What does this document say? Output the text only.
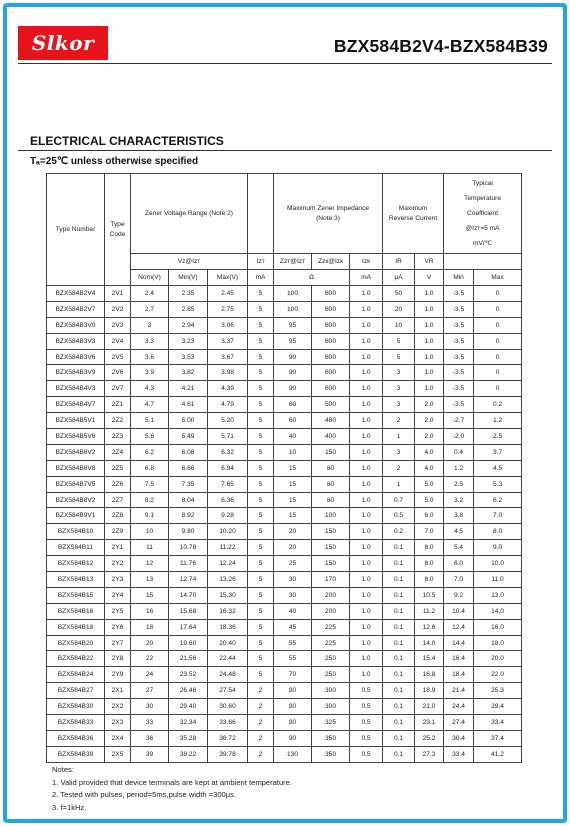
Slkor	BZX584B2V4-BZX584B39
ELECTRICAL CHARACTERISTICS
Tₐ=25℃ unless otherwise specified
Type Number	Type Code	Zener Voltage Range (Note 2)				Maximum Zener Impedance (Note 3)			Maximum Reverse Current		Typical
Temperature
Coefficient
@Izт=5 mA
mV/℃	

		Vz@Izт			Izт	Zzт@Izт	Zzк@Izк	Izк	IR	VR		
		Nom(V)	Min(V)	Max(V)	mA	Ω		mA	μA	V	Min	Max
BZX584B2V4	2V1	2.4	2.35	2.45	5	100	600	1.0	50	1.0	-3.5	0
BZX584B2V7	2V2	2.7	2.65	2.75	5	100	600	1.0	20	1.0	-3.5	0
BZX584B3V0	2V3	3	2.94	3.06	5	95	600	1.0	10	1.0	-3.5	0
BZX584B3V3	2V4	3.3	3.23	3.37	5	95	600	1.0	5	1.0	-3.5	0
BZX584B3V6	2V5	3.6	3.53	3.67	5	90	600	1.0	5	1.0	-3.5	0
BZX584B3V9	2V6	3.9	3.82	3.98	5	90	600	1.0	3	1.0	-3.5	0
BZX584B4V3	2V7	4.3	4.21	4.39	5	90	600	1.0	3	1.0	-3.5	0
BZX584B4V7	2Z1	4.7	4.61	4.79	5	80	500	1.0	3	2.0	-3.5	0.2
BZX584B5V1	2Z2	5.1	5.00	5.20	5	60	480	1.0	2	2.0	-2.7	1.2
BZX584B5V6	2Z3	5.6	5.49	5.71	5	40	400	1.0	1	2.0	-2.0	2.5
BZX584B6V2	2Z4	6.2	6.08	6.32	5	10	150	1.0	3	4.0	0.4	3.7
BZX584B6V8	2Z5	6.8	6.66	6.94	5	15	80	1.0	2	4.0	1.2	4.5
BZX584B7V5	2Z6	7.5	7.35	7.65	5	15	80	1.0	1	5.0	2.5	5.3
BZX584B8V2	2Z7	8.2	8.04	8.36	5	15	80	1.0	0.7	5.0	3.2	6.2
BZX584B9V1	2Z8	9.1	8.92	9.28	5	15	100	1.0	0.5	6.0	3.8	7.0
BZX584B10	2Z9	10	9.80	10.20	5	20	150	1.0	0.2	7.0	4.5	8.0
BZX584B11	2Y1	11	10.78	11.22	5	20	150	1.0	0.1	8.0	5.4	9.0
BZX584B12	2Y2	12	11.76	12.24	5	25	150	1.0	0.1	8.0	6.0	10.0
BZX584B13	2Y3	13	12.74	13.26	5	30	170	1.0	0.1	8.0	7.0	11.0
BZX584B15	2Y4	15	14.70	15.30	5	30	200	1.0	0.1	10.5	9.2	13.0
BZX584B16	2Y5	16	15.68	16.32	5	40	200	1.0	0.1	11.2	10.4	14.0
BZX584B18	2Y6	18	17.64	18.36	5	45	225	1.0	0.1	12.6	12.4	16.0
BZX584B20	2Y7	20	19.60	20.40	5	55	225	1.0	0.1	14.0	14.4	18.0
BZX584B22	2Y8	22	21.56	22.44	5	55	250	1.0	0.1	15.4	16.4	20.0
BZX584B24	2Y9	24	23.52	24.48	5	70	250	1.0	0.1	16.8	18.4	22.0
BZX584B27	2X1	27	26.46	27.54	2	80	300	0.5	0.1	18.9	21.4	25.3
BZX584B30	2X2	30	29.40	30.60	2	80	300	0.5	0.1	21.0	24.4	29.4
BZX584B33	2X3	33	32.34	33.66	2	80	325	0.5	0.1	23.1	27.4	33.4
BZX584B36	2X4	36	35.28	36.72	2	90	350	0.5	0.1	25.2	30.4	37.4
BZX584B39	2X5	39	38.22	39.78	2	130	350	0.5	0.1	27.3	33.4	41.2
Notes:
1. Valid provided that device terminals are kept at ambient temperature.
2. Tested with pulses, period=5ms,pulse width =300μs.
3. f=1kHz.
